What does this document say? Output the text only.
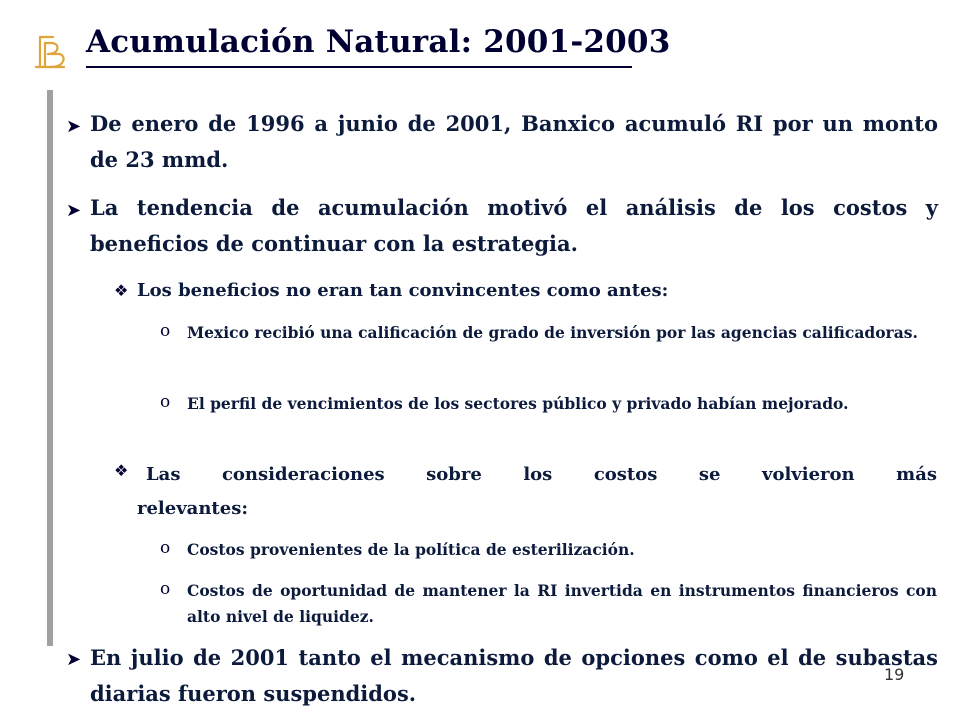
Acumulación Natural: 2001-2003
➤ De enero de 1996 a junio de 2001, Banxico acumuló RI por un monto de 23 mmd.

➤ La tendencia de acumulación motivó el análisis de los costos y beneficios de continuar con la estrategia.

❖ Los beneficios no eran tan convincentes como antes:

o Mexico recibió una calificación de grado de inversión por las agencias calificadoras.

o El perfil de vencimientos de los sectores público y privado habían mejorado.

❖ Las consideraciones sobre los costos se volvieron más relevantes:

o Costos provenientes de la política de esterilización.

o Costos de oportunidad de mantener la RI invertida en instrumentos financieros con alto nivel de liquidez.

➤ En julio de 2001 tanto el mecanismo de opciones como el de subastas diarias fueron suspendidos.

19
